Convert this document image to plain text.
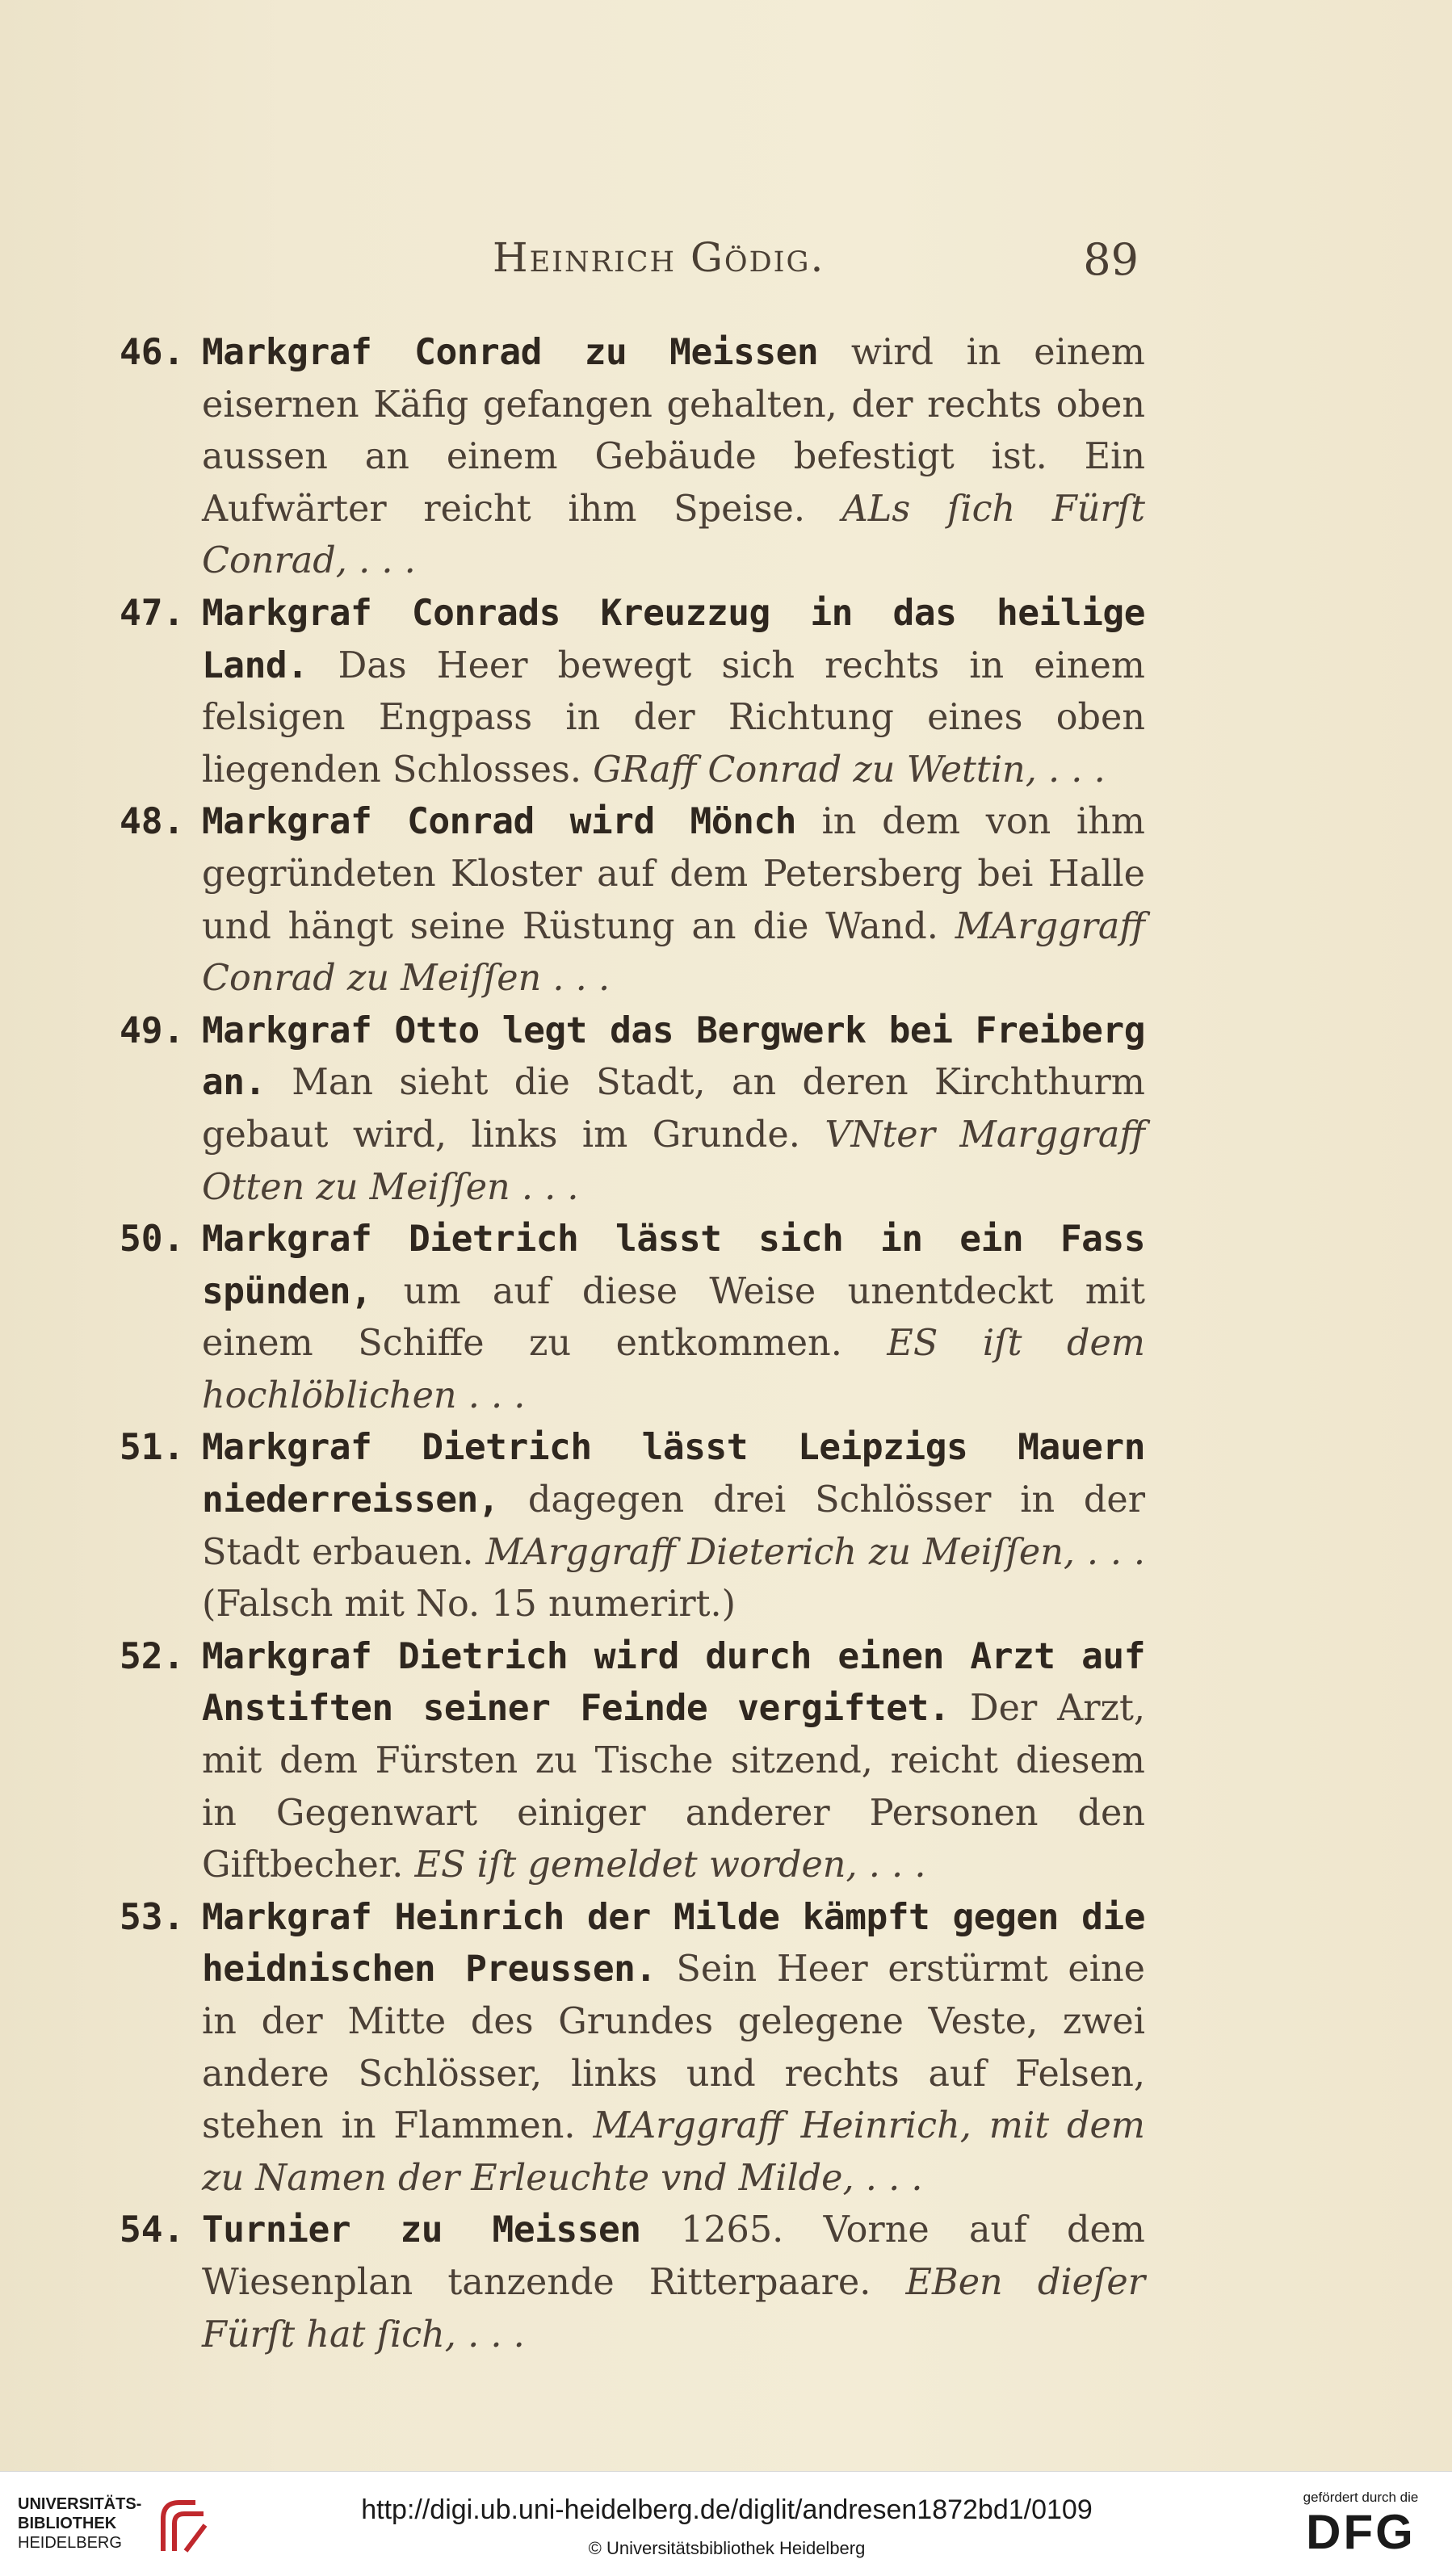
Heinrich Gödig.	89
46. Markgraf Conrad zu Meissen wird in einem eisernen Käfig gefangen gehalten, der rechts oben aussen an einem Gebäude befestigt ist. Ein Aufwärter reicht ihm Speise. ALs ſich Fürſt Conrad, . . .
47. Markgraf Conrads Kreuzzug in das heilige Land. Das Heer bewegt sich rechts in einem felsigen Engpass in der Richtung eines oben liegenden Schlosses. GRaff Conrad zu Wettin, . . .
48. Markgraf Conrad wird Mönch in dem von ihm gegründeten Kloster auf dem Petersberg bei Halle und hängt seine Rüstung an die Wand. MArggraff Conrad zu Meiſſen . . .
49. Markgraf Otto legt das Bergwerk bei Freiberg an. Man sieht die Stadt, an deren Kirchthurm gebaut wird, links im Grunde. VNter Marggraff Otten zu Meiſſen . . .
50. Markgraf Dietrich lässt sich in ein Fass spünden, um auf diese Weise unentdeckt mit einem Schiffe zu entkommen. ES iſt dem hochlöblichen . . .
51. Markgraf Dietrich lässt Leipzigs Mauern niederreissen, dagegen drei Schlösser in der Stadt erbauen. MArggraff Dieterich zu Meiſſen, . . . (Falsch mit No. 15 numerirt.)
52. Markgraf Dietrich wird durch einen Arzt auf Anstiften seiner Feinde vergiftet. Der Arzt, mit dem Fürsten zu Tische sitzend, reicht diesem in Gegenwart einiger anderer Personen den Giftbecher. ES iſt gemeldet worden, . . .
53. Markgraf Heinrich der Milde kämpft gegen die heidnischen Preussen. Sein Heer erstürmt eine in der Mitte des Grundes gelegene Veste, zwei andere Schlösser, links und rechts auf Felsen, stehen in Flammen. MArggraff Heinrich, mit dem zu Namen der Erleuchte vnd Milde, . . .
54. Turnier zu Meissen 1265. Vorne auf dem Wiesenplan tanzende Ritterpaare. EBen dieſer Fürſt hat ſich, . . .
UNIVERSITÄTS-
BIBLIOTHEK
HEIDELBERG
http://digi.ub.uni-heidelberg.de/diglit/andresen1872bd1/0109
© Universitätsbibliothek Heidelberg
gefördert durch die
DFG
